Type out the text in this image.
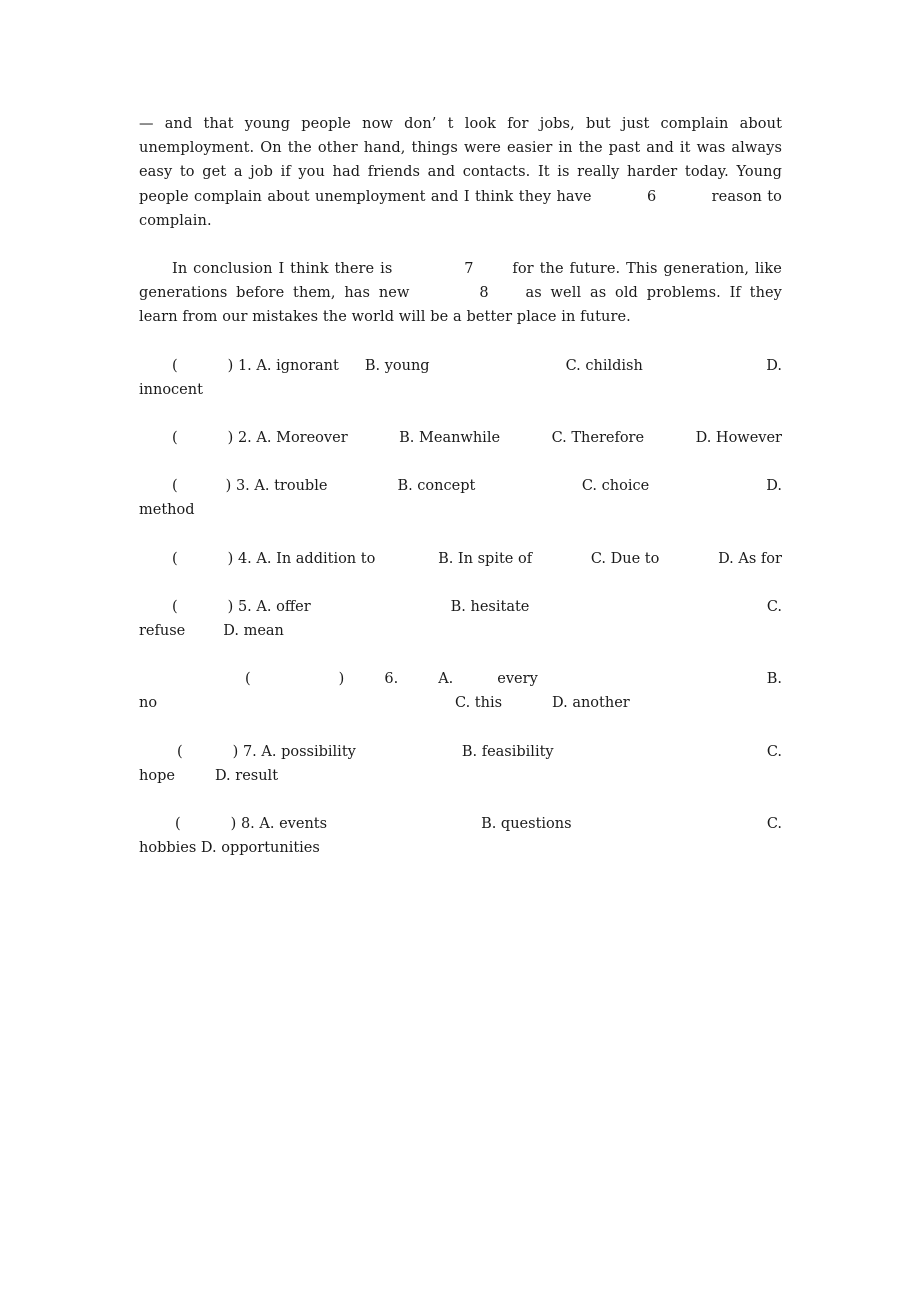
— and that young people now don’ t look for jobs, but just complain about unemployment. On the other hand, things were easier in the past and it was always easy to get a job if you had friends and contacts. It is really harder today. Young people complain about unemployment and I think they have	6	reason to complain.

In conclusion I think there is	7	for the future. This generation, like generations before them, has new	8	as well as old problems. If they learn from our mistakes the world will be a better place in future.

(	) 1. A. ignorant B. young	C. childish	D.
innocent
(	) 2. A. Moreover	B. Meanwhile	C. Therefore	D. However
(	) 3. A. trouble	B. concept	C. choice	D.
method
(	) 4. A. In addition to	B. In spite of	C. Due to	D. As for
(	) 5. A. offer	B. hesitate	C.
refuse	D. mean
(	)	6.	A.	every	B.
no	C. this	D. another
(	) 7. A. possibility	B. feasibility	C.
hope	D. result
(	) 8. A. events	B. questions	C.
hobbies D. opportunities
